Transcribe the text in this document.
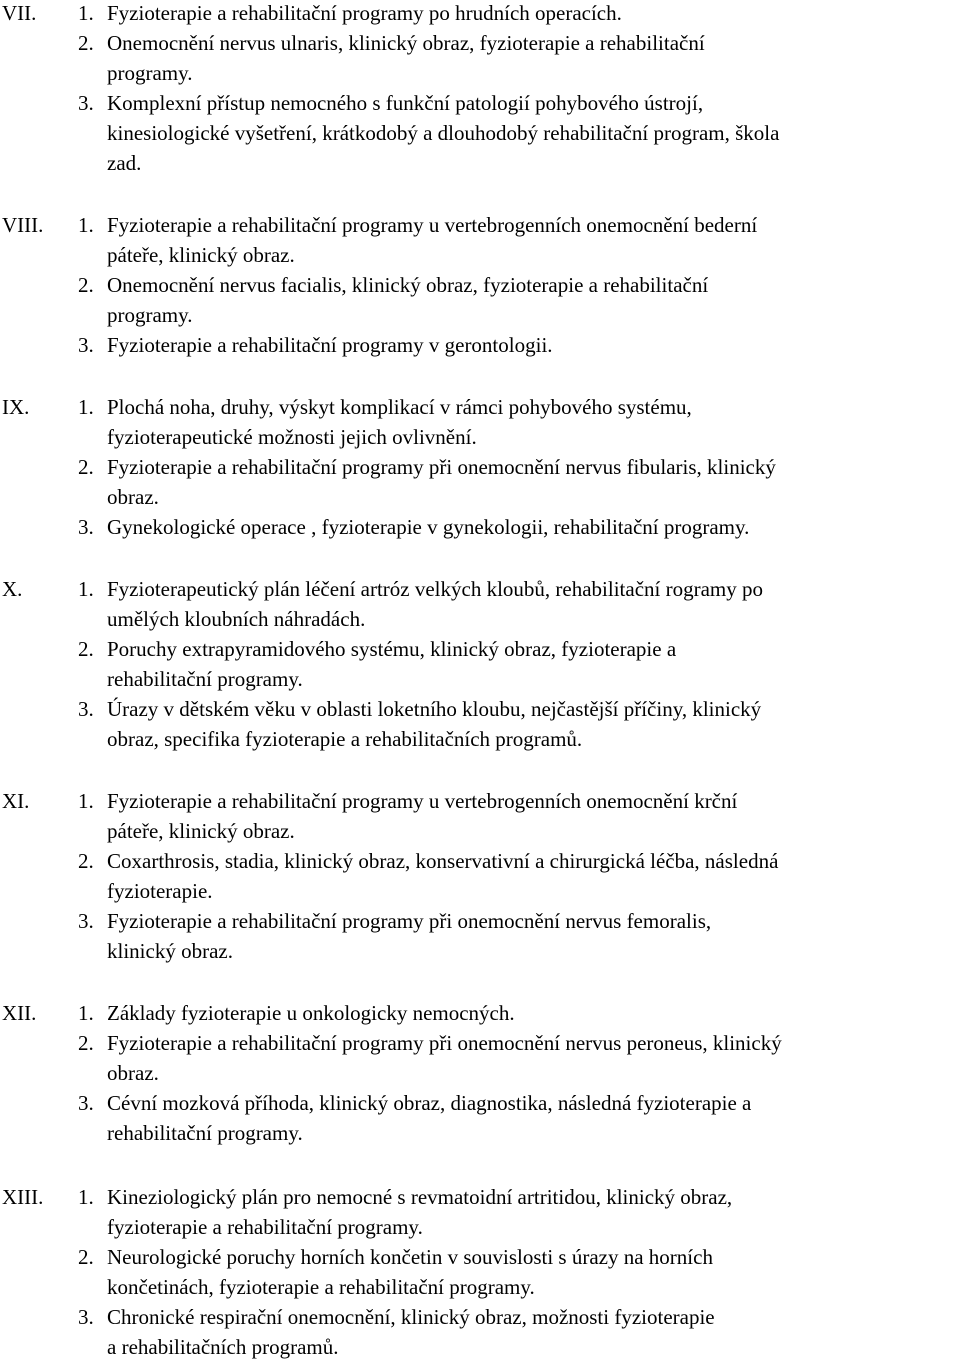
VII.	1. Fyzioterapie a rehabilitační programy po hrudních operacích.
2. Onemocnění nervus ulnaris, klinický obraz, fyzioterapie a rehabilitační
programy.
3. Komplexní přístup nemocného s funkční patologií pohybového ústrojí,
kinesiologické vyšetření, krátkodobý a dlouhodobý rehabilitační program, škola
zad.
VIII.	1. Fyzioterapie a rehabilitační programy u vertebrogenních onemocnění bederní
páteře, klinický obraz.
2. Onemocnění nervus facialis, klinický obraz, fyzioterapie a rehabilitační
programy.
3. Fyzioterapie a rehabilitační programy v gerontologii.
IX.	1. Plochá noha, druhy, výskyt komplikací v rámci pohybového systému,
fyzioterapeutické možnosti jejich ovlivnění.
2. Fyzioterapie a rehabilitační programy při onemocnění nervus fibularis, klinický
obraz.
3. Gynekologické operace , fyzioterapie v gynekologii, rehabilitační programy.
X.	1. Fyzioterapeutický plán léčení artróz velkých kloubů, rehabilitační rogramy po
umělých kloubních náhradách.
2. Poruchy extrapyramidového systému, klinický obraz, fyzioterapie a
rehabilitační programy.
3. Úrazy v dětském věku v oblasti loketního kloubu, nejčastější příčiny, klinický
obraz, specifika fyzioterapie a rehabilitačních programů.
XI.	1. Fyzioterapie a rehabilitační programy u vertebrogenních onemocnění krční
páteře, klinický obraz.
2. Coxarthrosis, stadia, klinický obraz, konservativní a chirurgická léčba, následná
fyzioterapie.
3. Fyzioterapie a rehabilitační programy při onemocnění nervus femoralis,
klinický obraz.
XII.	1. Základy fyzioterapie u onkologicky nemocných.
2. Fyzioterapie a rehabilitační programy při onemocnění nervus peroneus, klinický
obraz.
3. Cévní mozková příhoda, klinický obraz, diagnostika, následná fyzioterapie a
rehabilitační programy.
XIII.	1. Kineziologický plán pro nemocné s revmatoidní artritidou, klinický obraz,
fyzioterapie a rehabilitační programy.
2. Neurologické poruchy horních končetin v souvislosti s úrazy na horních
končetinách, fyzioterapie a rehabilitační programy.
3. Chronické respirační onemocnění, klinický obraz, možnosti fyzioterapie
a rehabilitačních programů.
